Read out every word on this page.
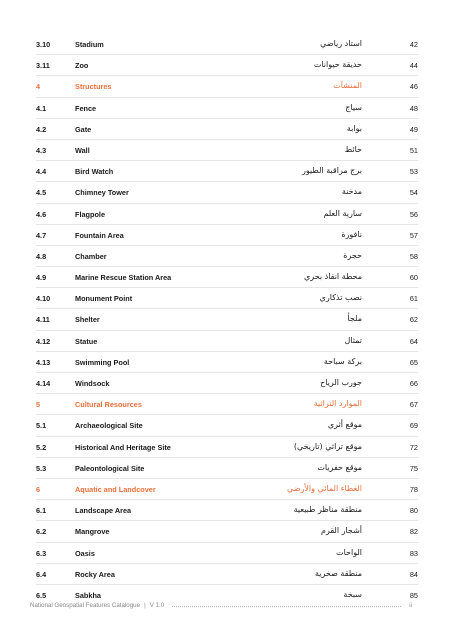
3.10	Stadium	استاد رياضي	42
3.11	Zoo	حديقة حيوانات	44
4	Structures	المنشآت	46
4.1	Fence	سياج	48
4.2	Gate	بوابة	49
4.3	Wall	حائط	51
4.4	Bird Watch	برج مراقبة الطيور	53
4.5	Chimney Tower	مدخنة	54
4.6	Flagpole	سارية العلم	56
4.7	Fountain Area	نافورة	57
4.8	Chamber	حجرة	58
4.9	Marine Rescue Station Area	محطة انقاذ بحري	60
4.10	Monument Point	نصب تذكاري	61
4.11	Shelter	ملجأ	62
4.12	Statue	تمثال	64
4.13	Swimming Pool	بركة سباحة	65
4.14	Windsock	جورب الرياح	66
5	Cultural Resources	الموارد التراثية	67
5.1	Archaeological Site	موقع أثري	69
5.2	Historical And Heritage Site	موقع تراثي (تاريخي)	72
5.3	Paleontological Site	موقع حفريات	75
6	Aquatic and Landcover	الغطاء المائي والأرضي	78
6.1	Landscape Area	منطقة مناظر طبيعية	80
6.2	Mangrove	أشجار القرم	82
6.3	Oasis	الواحات	83
6.4	Rocky Area	منطقة صخرية	84
6.5	Sabkha	سبخة	85
National Geospatial Features Catalogue | V 1.0	ii
